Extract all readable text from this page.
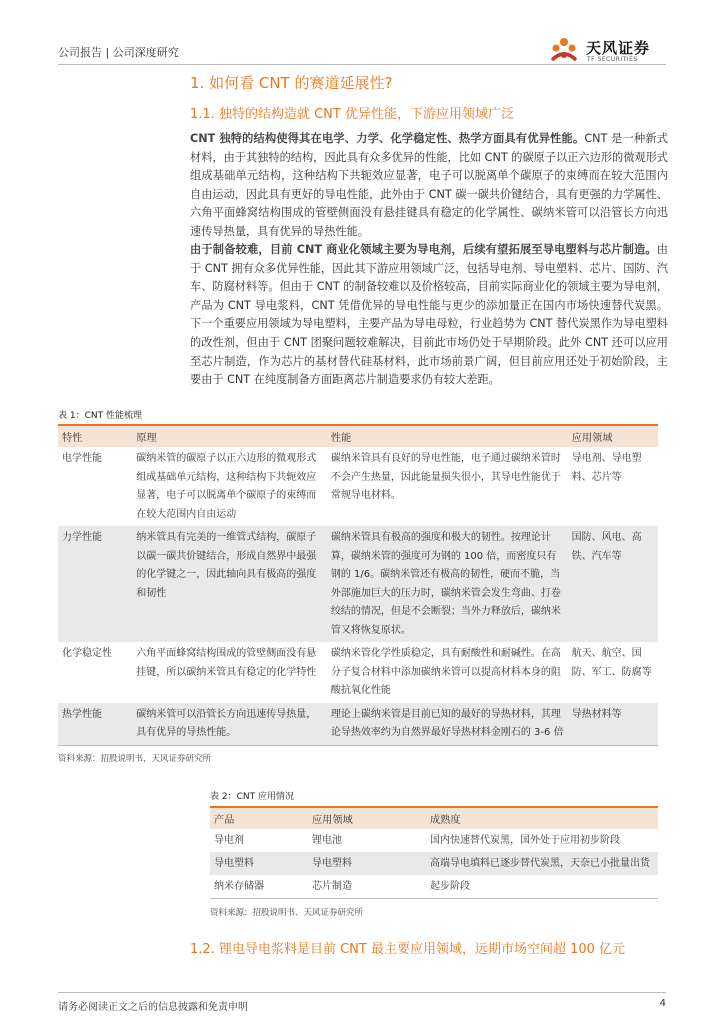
公司报告 | 公司深度研究	天风证券
TF SECURITIES
1. 如何看 CNT 的赛道延展性?
1.1. 独特的结构造就 CNT 优异性能，下游应用领域广泛
CNT 独特的结构使得其在电学、力学、化学稳定性、热学方面具有优异性能。CNT 是一种新式材料，由于其独特的结构，因此具有众多优异的性能，比如 CNT 的碳原子以正六边形的微观形式组成基础单元结构，这种结构下共轭效应显著，电子可以脱离单个碳原子的束缚而在较大范围内自由运动，因此具有更好的导电性能，此外由于 CNT 碳一碳共价键结合，具有更强的力学属性、六角平面蜂窝结构围成的管壁侧面没有悬挂键具有稳定的化学属性、碳纳米管可以沿管长方向迅速传导热量，具有优异的导热性能。
由于制备较难，目前 CNT 商业化领域主要为导电剂，后续有望拓展至导电塑料与芯片制造。由于 CNT 拥有众多优异性能，因此其下游应用领域广泛，包括导电剂、导电塑料、芯片、国防、汽车、防腐材料等。但由于 CNT 的制备较难以及价格较高，目前实际商业化的领域主要为导电剂，产品为 CNT 导电浆料，CNT 凭借优异的导电性能与更少的添加量正在国内市场快速替代炭黑。下一个重要应用领域为导电塑料，主要产品为导电母粒，行业趋势为 CNT 替代炭黑作为导电塑料的改性剂，但由于 CNT 团聚问题较难解决，目前此市场仍处于早期阶段。此外 CNT 还可以应用至芯片制造，作为芯片的基材替代硅基材料，此市场前景广阔，但目前应用还处于初始阶段，主要由于 CNT 在纯度制备方面距离芯片制造要求仍有较大差距。
表 1：CNT 性能梳理
特性	原理	性能	应用领域
电学性能	碳纳米管的碳原子以正六边形的微观形式组成基础单元结构，这种结构下共轭效应显著，电子可以脱离单个碳原子的束缚而在较大范围内自由运动	碳纳米管具有良好的导电性能，电子通过碳纳米管时不会产生热量，因此能量损失很小，其导电性能优于常规导电材料。	导电剂、导电塑料、芯片等
力学性能	纳米管具有完美的一维管式结构，碳原子以碳一碳共价键结合，形成自然界中最强的化学键之一，因此轴向具有极高的强度和韧性	碳纳米管具有极高的强度和极大的韧性。按理论计算，碳纳米管的强度可为钢的 100 倍，而密度只有钢的 1/6。碳纳米管还有极高的韧性，硬而不脆，当外部施加巨大的压力时，碳纳米管会发生弯曲、打卷绞结的情况，但是不会断裂；当外力释放后，碳纳米管又将恢复原状。	国防、风电、高铁、汽车等
化学稳定性	六角平面蜂窝结构围成的管壁侧面没有悬挂键，所以碳纳米管具有稳定的化学特性	碳纳米管化学性质稳定，具有耐酸性和耐碱性。在高分子复合材料中添加碳纳米管可以提高材料本身的阻酸抗氧化性能	航天、航空、国防、军工、防腐等
热学性能	碳纳米管可以沿管长方向迅速传导热量，具有优异的导热性能。	理论上碳纳米管是目前已知的最好的导热材料，其理论导热效率约为自然界最好导热材料金刚石的 3-6 倍	导热材料等
资料来源：招股说明书，天风证券研究所
表 2：CNT 应用情况
产品	应用领域	成熟度
导电剂	锂电池	国内快速替代炭黑，国外处于应用初步阶段
导电塑料	导电塑料	高端导电填料已逐步替代炭黑，天奈已小批量出货
纳米存储器	芯片制造	起步阶段
资料来源：招股说明书、天风证券研究所
1.2. 锂电导电浆料是目前 CNT 最主要应用领域，远期市场空间超 100 亿元
请务必阅读正文之后的信息披露和免责申明	4
